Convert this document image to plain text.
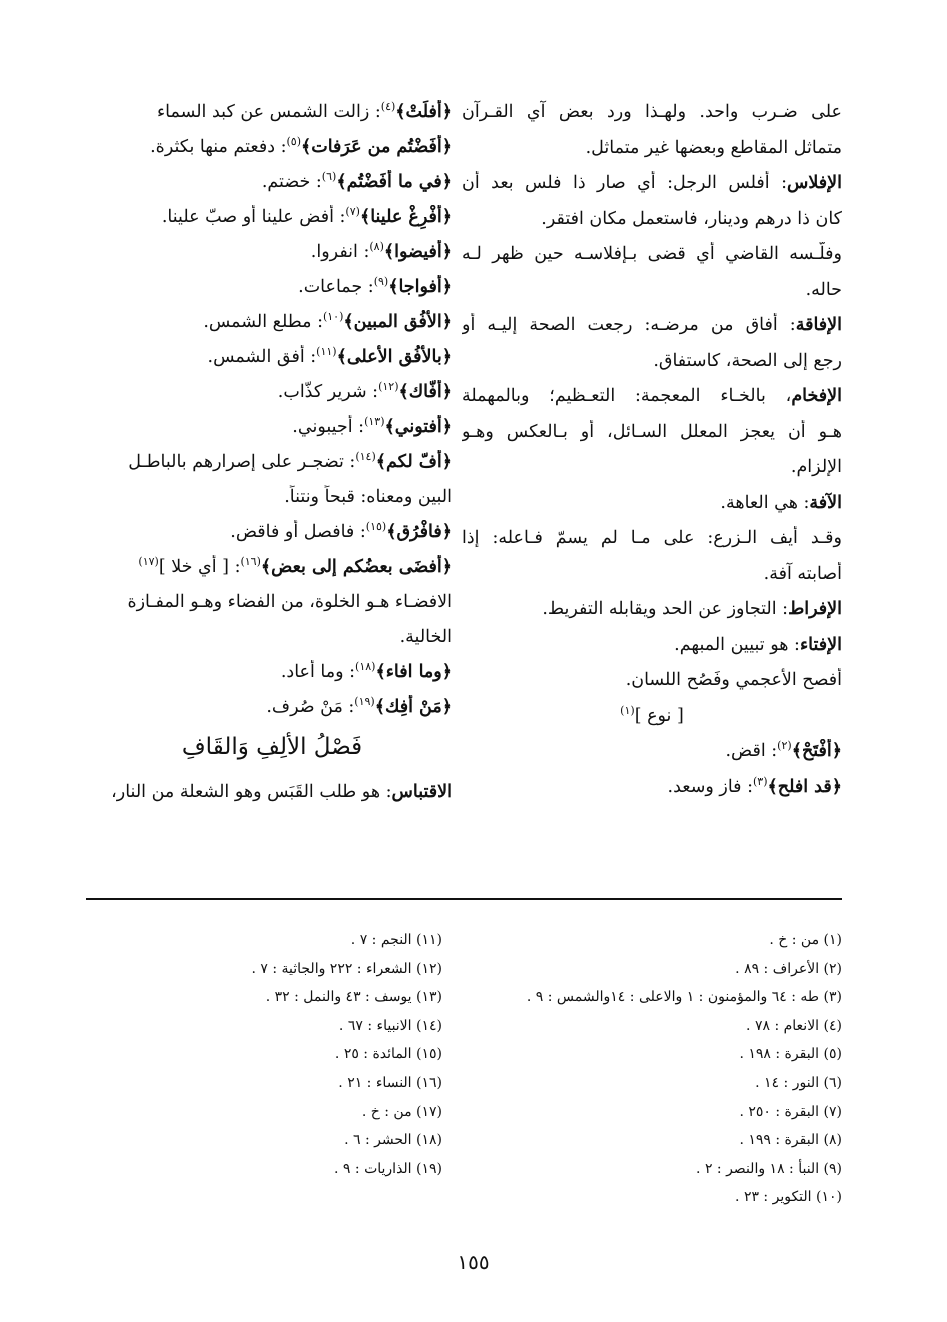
على ضـرب واحد. ولهـذا ورد بعض آي القـرآن
متماثل المقاطع وبعضها غير متماثل.
الإفلاس: أفلس الرجل: أي صار ذا فلس بعد أن
كان ذا درهم ودينار، فاستعمل مكان افتقر.
وفلّـسه القاضي أي قضى بـإفلاسـه حين ظهر لـه
حاله.
الإفاقة: أفاق من مرضـه: رجعت الصحة إليـه أو
رجع إلى الصحة، كاستفاق.
الإفخام، بالخـاء المعجمة: التعـظيم؛ وبالمهملة
هـو أن يعجز المعلل السـائل، أو بـالعكس وهـو
الإلزام.
الآفة: هي العاهة.
وقـد أيف الـزرع: على مـا لم يسمّ فـاعله: إذا
أصابته آفة.
الإفراط: التجاوز عن الحد ويقابله التفريط.
الإفتاء: هو تبيين المبهم.
أفصح الأعجمي وفَصُح اللسان.
[ نوع ]$^{(١)}$
﴿أَفْتَحْ﴾$^{(٢)}$: اقض.
﴿قد افلح﴾$^{(٣)}$: فاز وسعد.
﴿أفلَتْ﴾$^{(٤)}$: زالت الشمس عن كبد السماء
﴿أفَضْتُم من عَرَفات﴾$^{(٥)}$: دفعتم منها بكثرة.
﴿في ما أفَضْتُم﴾$^{(٦)}$: خضتم.
﴿أفْرِغْ علينا﴾$^{(٧)}$: أفض علينا أو صبّ علينا.
﴿أفيضوا﴾$^{(٨)}$: انفروا.
﴿أفواجا﴾$^{(٩)}$: جماعات.
﴿الأفُق المبين﴾$^{(١٠)}$: مطلع الشمس.
﴿بالأُفُق الأعلى﴾$^{(١١)}$: أفق الشمس.
﴿أفّاك﴾$^{(١٢)}$: شرير كذّاب.
﴿أفتوني﴾$^{(١٣)}$: أجيبوني.
﴿أفّ لكم﴾$^{(١٤)}$: تضجـر على إصرارهم بالباطـل
البين ومعناه: قبحاً ونتناً.
﴿فافْرُق﴾$^{(١٥)}$: فافصل أو فاقض.
﴿أفضَى بعضُكم إلى بعض﴾$^{(١٦)}$: [ أي خلا ]$^{(١٧)}$
الافضـاء هـو الخلوة، من الفضاء وهـو المفـازة
الخالية.
﴿وما افاء﴾$^{(١٨)}$: وما أعاد.
﴿مَنْ أفِك﴾$^{(١٩)}$: مَنْ صُرف.
فَصْلُ الألِفِ وَالقَافِ
الاقتباس: هو طلب القَبَس وهو الشعلة من النار،
(١) من : خ .
(٢) الأعراف : ٨٩ .
(٣) طه : ٦٤ والمؤمنون : ١ والاعلى : ١٤والشمس : ٩ .
(٤) الانعام : ٧٨ .
(٥) البقرة : ١٩٨ .
(٦) النور : ١٤ .
(٧) البقرة : ٢٥٠ .
(٨) البقرة : ١٩٩ .
(٩) النبأ : ١٨ والنصر : ٢ .
(١٠) التكوير : ٢٣ .
(١١) النجم : ٧ .
(١٢) الشعراء : ٢٢٢ والجاثية : ٧ .
(١٣) يوسف : ٤٣ والنمل : ٣٢ .
(١٤) الانبياء : ٦٧ .
(١٥) المائدة : ٢٥ .
(١٦) النساء : ٢١ .
(١٧) من : خ .
(١٨) الحشر : ٦ .
(١٩) الذاريات : ٩ .
١٥٥
